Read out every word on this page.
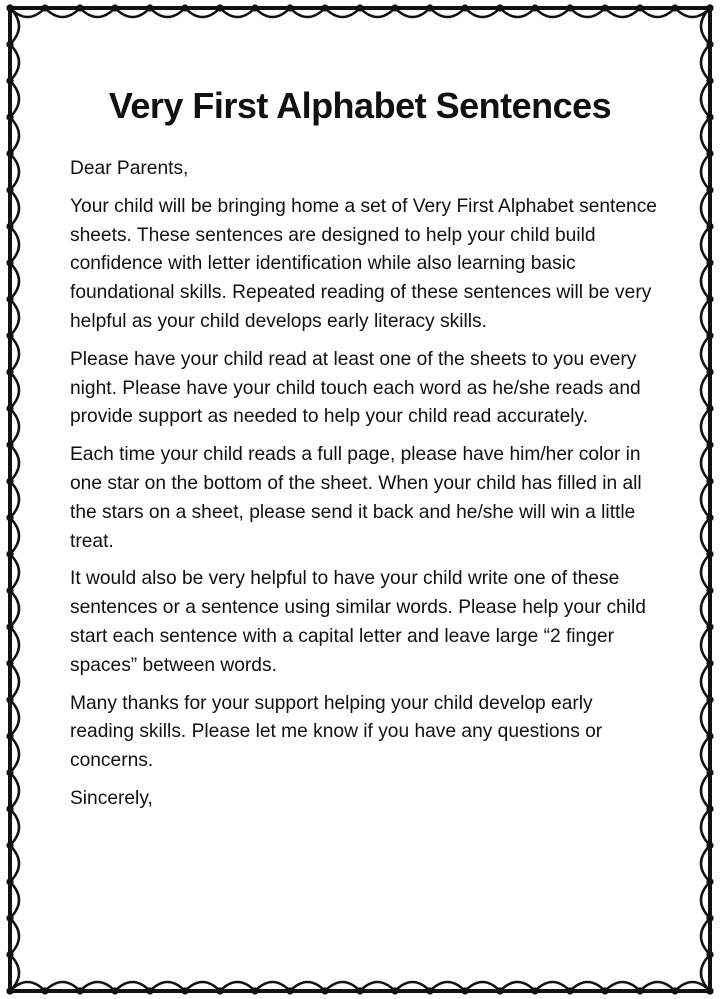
Very First Alphabet Sentences

Dear Parents,

Your child will be bringing home a set of Very First Alphabet sentence sheets. These sentences are designed to help your child build confidence with letter identification while also learning basic foundational skills. Repeated reading of these sentences will be very helpful as your child develops early literacy skills.

Please have your child read at least one of the sheets to you every night. Please have your child touch each word as he/she reads and provide support as needed to help your child read accurately.

Each time your child reads a full page, please have him/her color in one star on the bottom of the sheet. When your child has filled in all the stars on a sheet, please send it back and he/she will win a little treat.

It would also be very helpful to have your child write one of these sentences or a sentence using similar words. Please help your child start each sentence with a capital letter and leave large “2 finger spaces” between words.

Many thanks for your support helping your child develop early reading skills. Please let me know if you have any questions or concerns.

Sincerely,
